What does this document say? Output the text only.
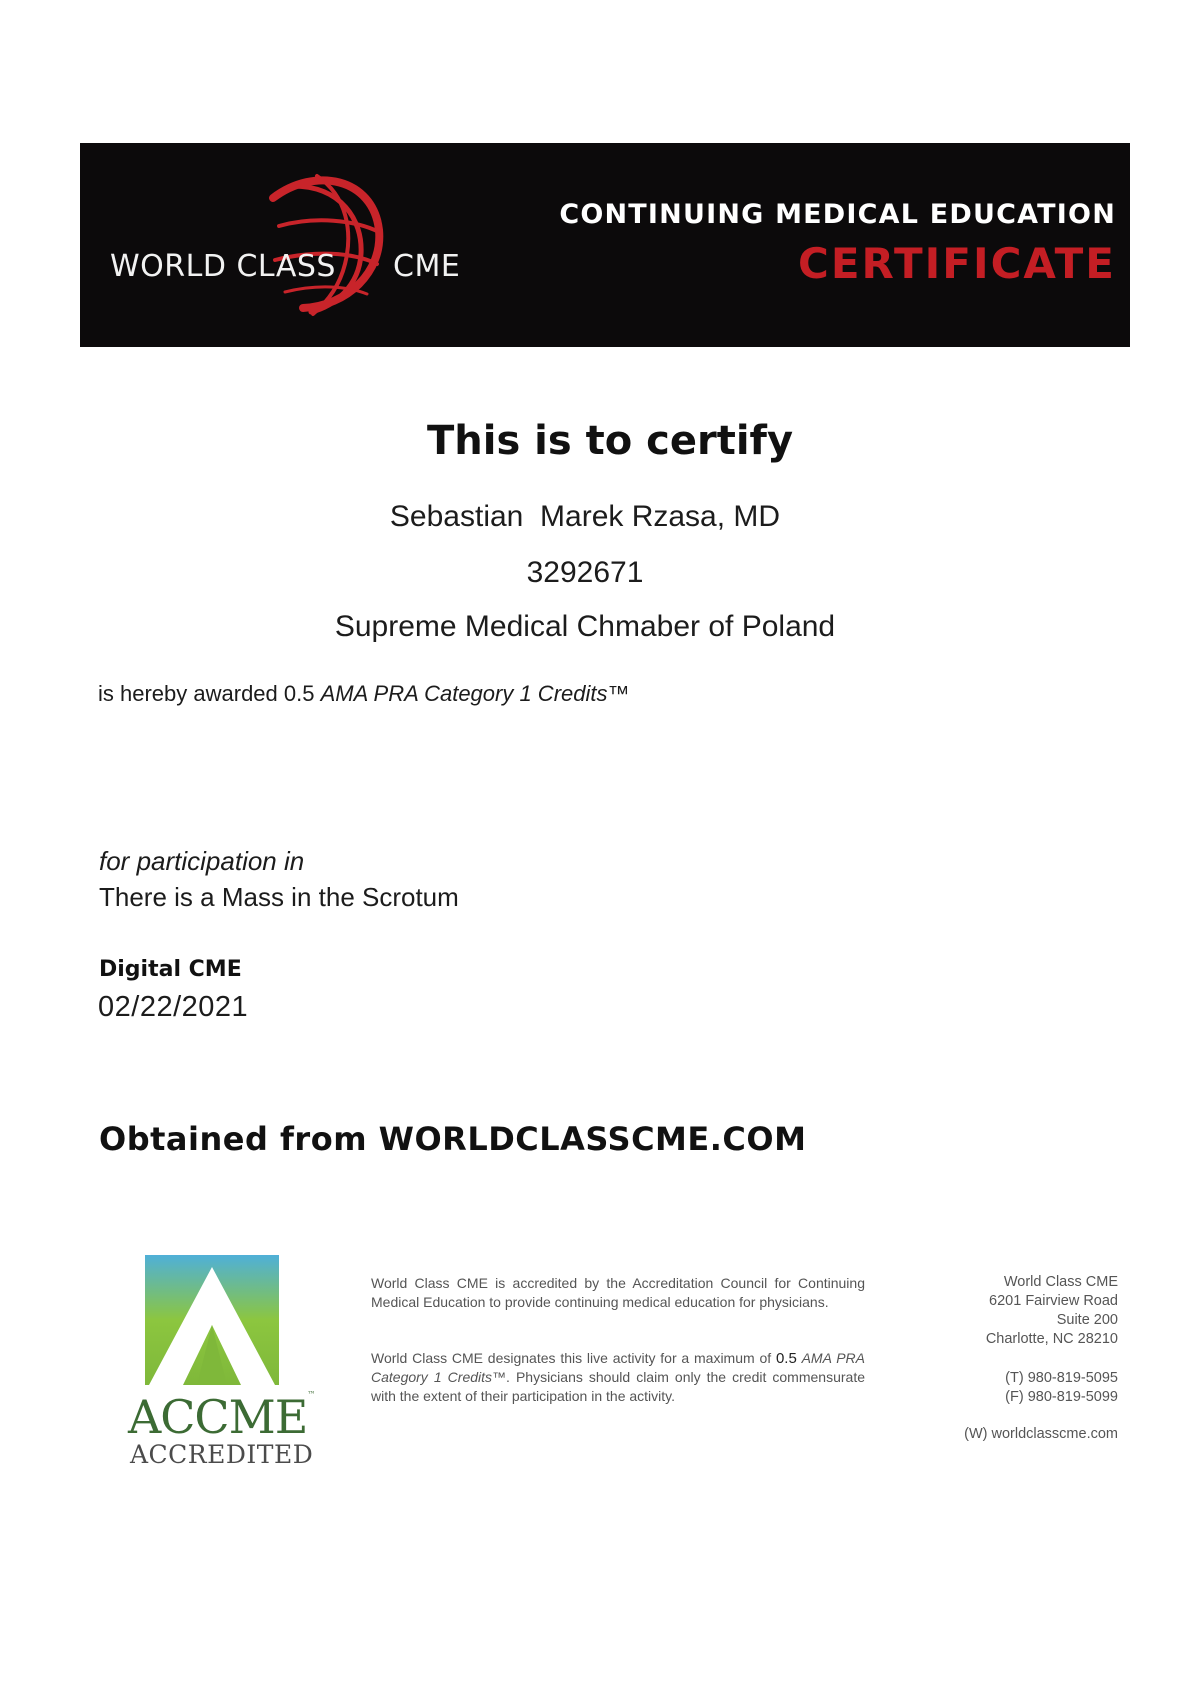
WORLD CLASS CME
CONTINUING MEDICAL EDUCATION
CERTIFICATE
This is to certify
Sebastian  Marek Rzasa, MD
3292671
Supreme Medical Chmaber of Poland
is hereby awarded 0.5 AMA PRA Category 1 Credits™
for participation in
There is a Mass in the Scrotum
Digital CME
02/22/2021
Obtained from WORLDCLASSCME.COM
ACCME™
ACCREDITED
World Class CME is accredited by the Accreditation Council for Continuing Medical Education to provide continuing medical education for physicians.
World Class CME designates this live activity for a maximum of 0.5 AMA PRA Category 1 Credits™. Physicians should claim only the credit commensurate with the extent of their participation in the activity.
World Class CME
6201 Fairview Road
Suite 200
Charlotte, NC 28210
(T) 980-819-5095
(F) 980-819-5099
(W) worldclasscme.com
